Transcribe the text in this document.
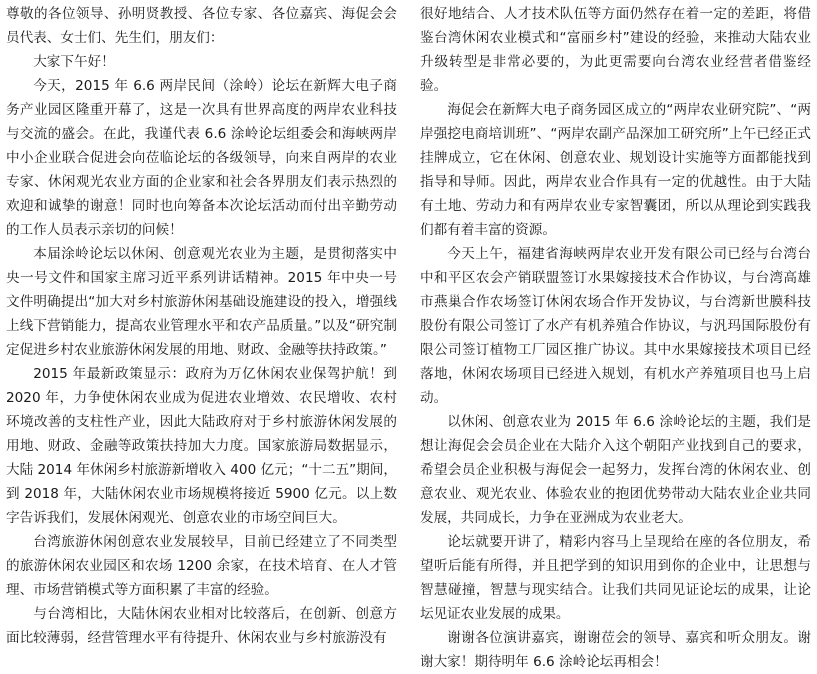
尊敬的各位领导、孙明贤教授、各位专家、各位嘉宾、海促会会员代表、女士们、先生们，朋友们：

大家下午好！

今天，2015 年 6.6 两岸民间（涂岭）论坛在新辉大电子商务产业园区隆重开幕了，这是一次具有世界高度的两岸农业科技与交流的盛会。在此，我谨代表 6.6 涂岭论坛组委会和海峡两岸中小企业联合促进会向莅临论坛的各级领导，向来自两岸的农业专家、休闲观光农业方面的企业家和社会各界朋友们表示热烈的欢迎和诚挚的谢意！同时也向筹备本次论坛活动而付出辛勤劳动的工作人员表示亲切的问候！

本届涂岭论坛以休闲、创意观光农业为主题，是贯彻落实中央一号文件和国家主席习近平系列讲话精神。2015 年中央一号文件明确提出“加大对乡村旅游休闲基础设施建设的投入，增强线上线下营销能力，提高农业管理水平和农产品质量。”以及“研究制定促进乡村农业旅游休闲发展的用地、财政、金融等扶持政策。”

2015 年最新政策显示：政府为万亿休闲农业保驾护航！到 2020 年，力争使休闲农业成为促进农业增效、农民增收、农村环境改善的支柱性产业，因此大陆政府对于乡村旅游休闲发展的用地、财政、金融等政策扶持加大力度。国家旅游局数据显示，大陆 2014 年休闲乡村旅游新增收入 400 亿元；“十二五”期间，到 2018 年，大陆休闲农业市场规模将接近 5900 亿元。以上数字告诉我们，发展休闲观光、创意农业的市场空间巨大。

台湾旅游休闲创意农业发展较早，目前已经建立了不同类型的旅游休闲农业园区和农场 1200 余家，在技术培育、在人才管理、市场营销模式等方面积累了丰富的经验。

与台湾相比，大陆休闲农业相对比较落后，在创新、创意方面比较薄弱，经营管理水平有待提升、休闲农业与乡村旅游没有

很好地结合、人才技术队伍等方面仍然存在着一定的差距，将借鉴台湾休闲农业模式和“富丽乡村”建设的经验，来推动大陆农业升级转型是非常必要的，为此更需要向台湾农业经营者借鉴经验。

海促会在新辉大电子商务园区成立的“两岸农业研究院”、“两岸强挖电商培训班”、“两岸农副产品深加工研究所”上午已经正式挂牌成立，它在休闲、创意农业、规划设计实施等方面都能找到指导和导师。因此，两岸农业合作具有一定的优越性。由于大陆有土地、劳动力和有两岸农业专家智囊团，所以从理论到实践我们都有着丰富的资源。

今天上午，福建省海峡两岸农业开发有限公司已经与台湾台中和平区农会产销联盟签订水果嫁接技术合作协议，与台湾高雄市燕巢合作农场签订休闲农场合作开发协议，与台湾新世膜科技股份有限公司签订了水产有机养殖合作协议，与汎玛国际股份有限公司签订植物工厂园区推广协议。其中水果嫁接技术项目已经落地，休闲农场项目已经进入规划，有机水产养殖项目也马上启动。

以休闲、创意农业为 2015 年 6.6 涂岭论坛的主题，我们是想让海促会会员企业在大陆介入这个朝阳产业找到自己的要求，希望会员企业积极与海促会一起努力，发挥台湾的休闲农业、创意农业、观光农业、体验农业的抱团优势带动大陆农业企业共同发展，共同成长，力争在亚洲成为农业老大。

论坛就要开讲了，精彩内容马上呈现给在座的各位朋友，希望听后能有所得，并且把学到的知识用到你的企业中，让思想与智慧碰撞，智慧与现实结合。让我们共同见证论坛的成果，让论坛见证农业发展的成果。

谢谢各位演讲嘉宾，谢谢莅会的领导、嘉宾和听众朋友。谢谢大家！期待明年 6.6 涂岭论坛再相会！
